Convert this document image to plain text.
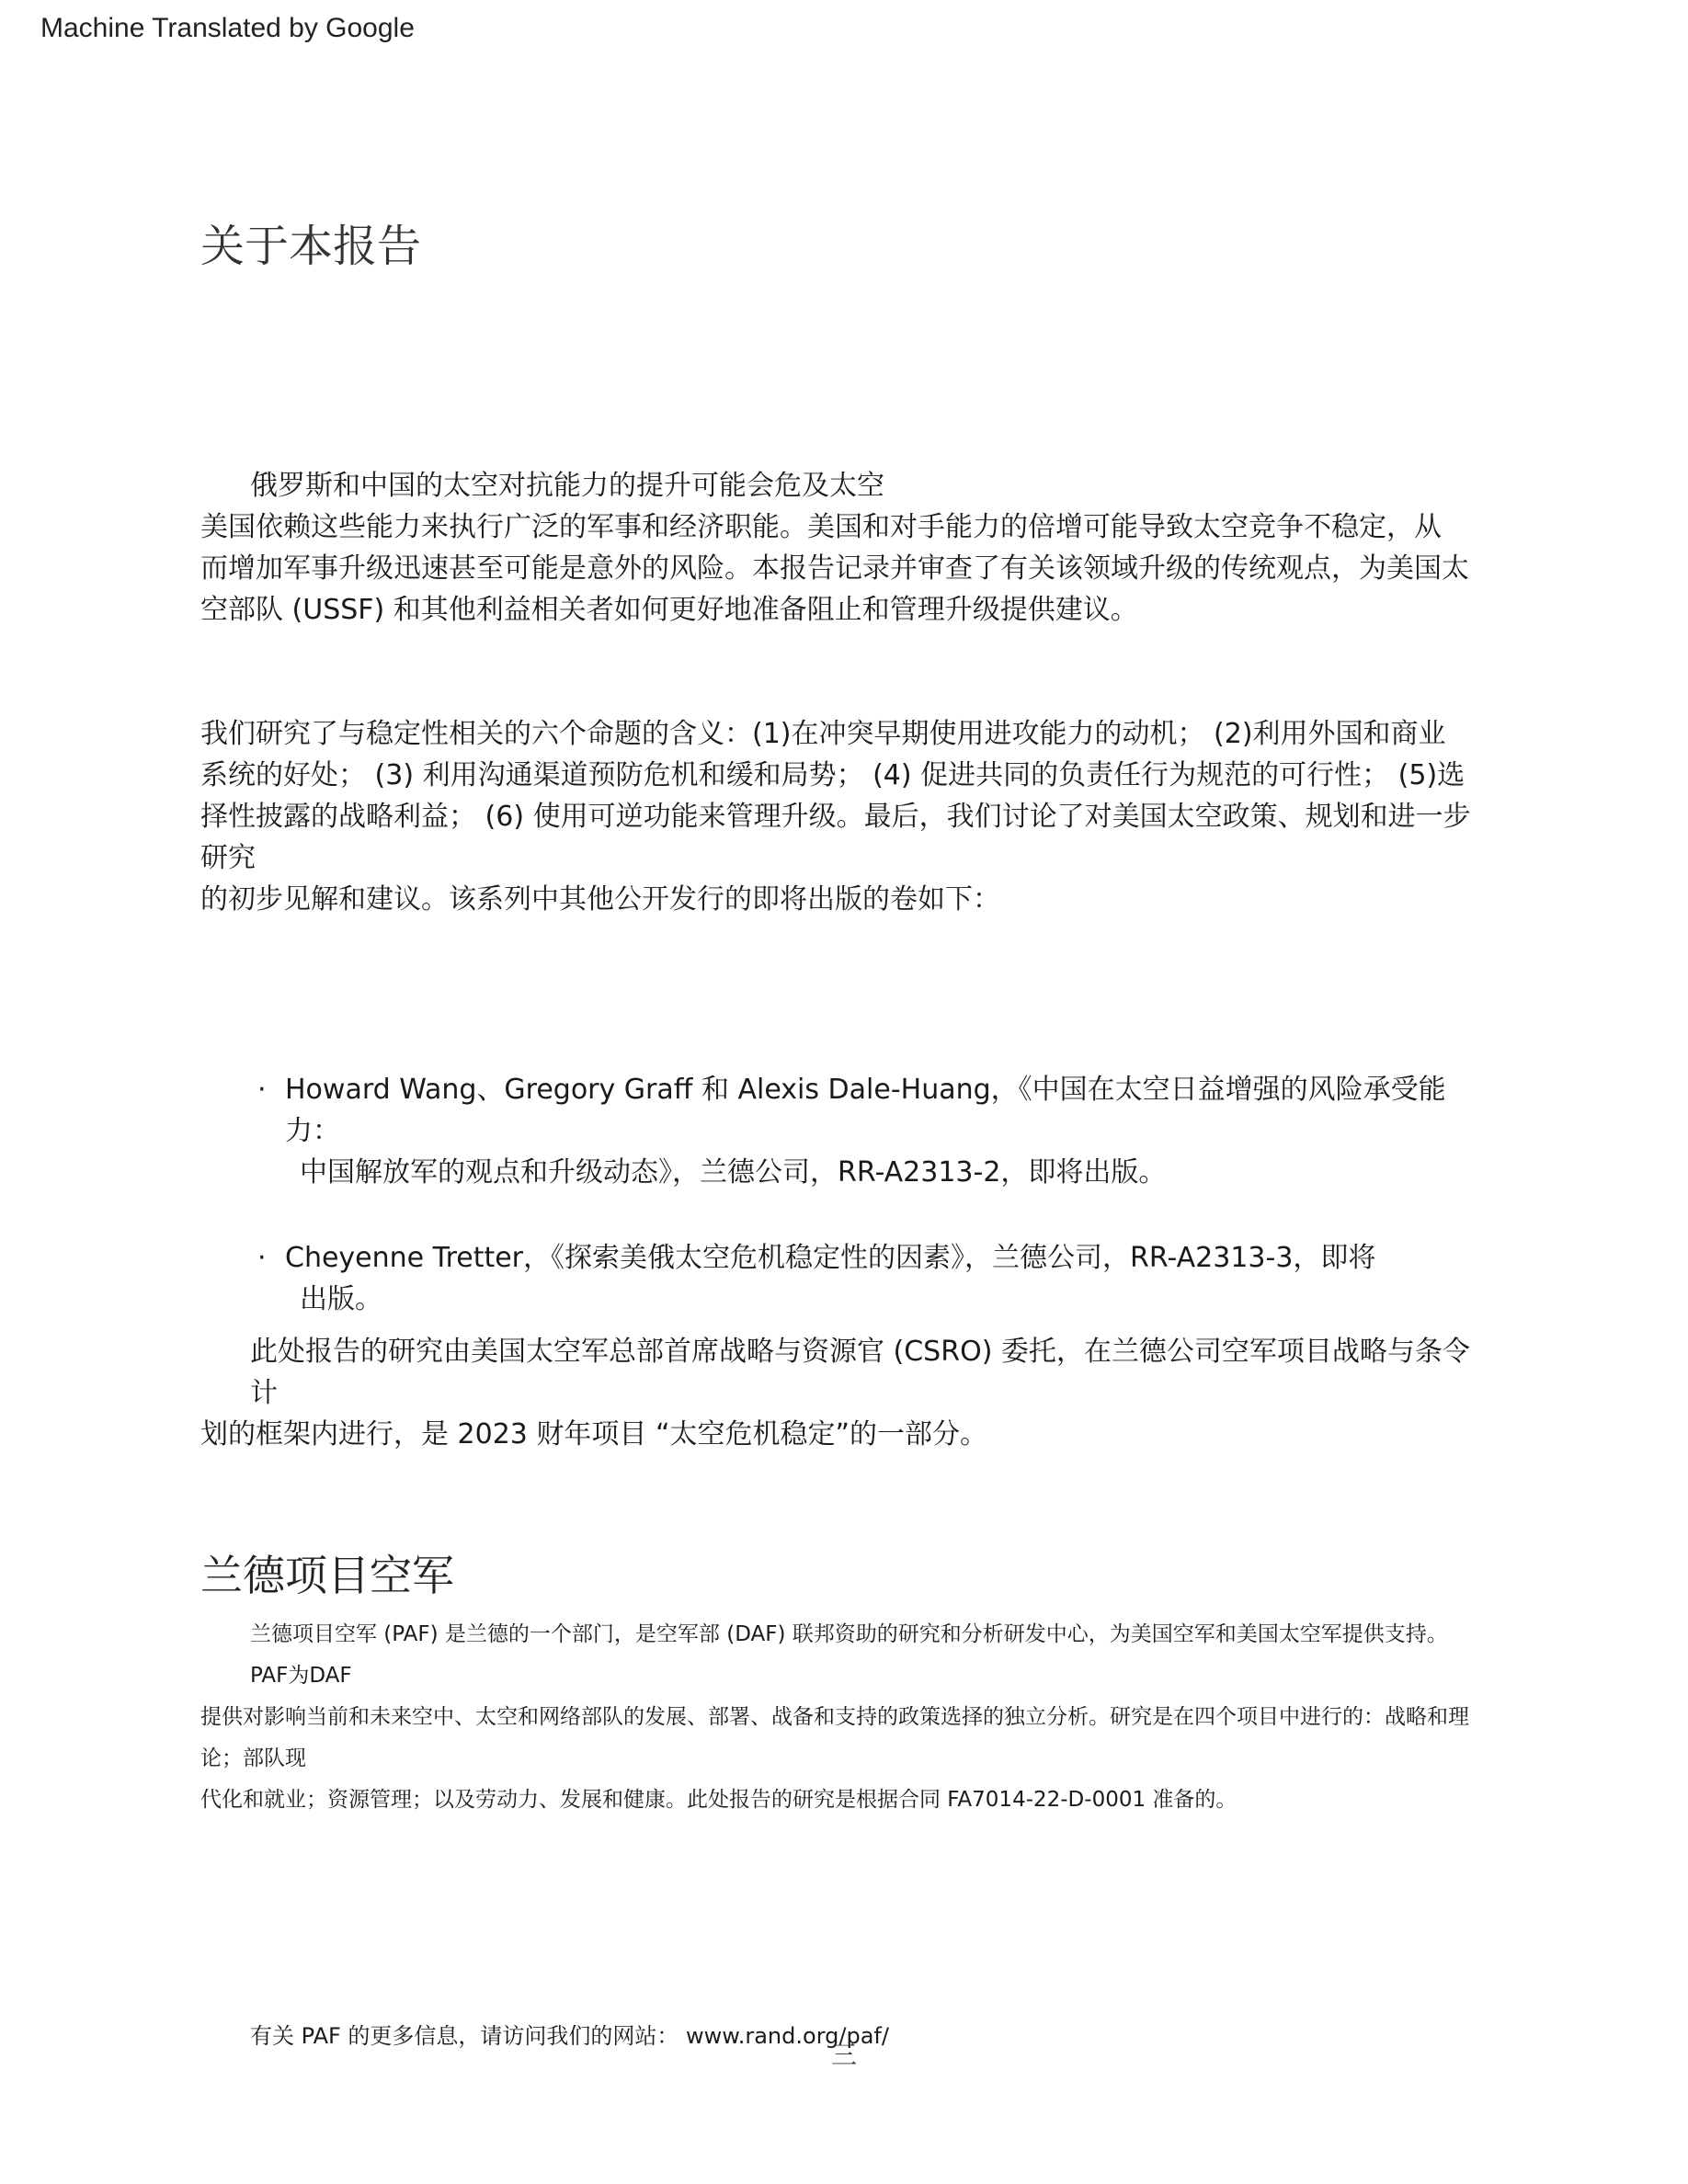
Machine Translated by Google
关于本报告

俄罗斯和中国的太空对抗能力的提升可能会危及太空

美国依赖这些能力来执行广泛的军事和经济职能。美国和对手能力的倍增可能导致太空竞争不稳定，从

而增加军事升级迅速甚至可能是意外的风险。本报告记录并审查了有关该领域升级的传统观点，为美国太

空部队 (USSF) 和其他利益相关者如何更好地准备阻止和管理升级提供建议。

我们研究了与稳定性相关的六个命题的含义：(1)在冲突早期使用进攻能力的动机； (2)利用外国和商业

系统的好处； (3) 利用沟通渠道预防危机和缓和局势； (4) 促进共同的负责任行为规范的可行性； (5)选

择性披露的战略利益； (6) 使用可逆功能来管理升级。最后，我们讨论了对美国太空政策、规划和进一步研究

的初步见解和建议。该系列中其他公开发行的即将出版的卷如下：

· Howard Wang、Gregory Graff 和 Alexis Dale-Huang，《中国在太空日益增强的风险承受能力：
中国解放军的观点和升级动态》，兰德公司，RR-A2313-2，即将出版。
· Cheyenne Tretter，《探索美俄太空危机稳定性的因素》，兰德公司，RR-A2313-3，即将
出版。

此处报告的研究由美国太空军总部首席战略与资源官 (CSRO) 委托，在兰德公司空军项目战略与条令计

划的框架内进行，是 2023 财年项目 “太空危机稳定”的一部分。

兰德项目空军

兰德项目空军 (PAF) 是兰德的一个部门，是空军部 (DAF) 联邦资助的研究和分析研发中心，为美国空军和美国太空军提供支持。 PAF为DAF

提供对影响当前和未来空中、太空和网络部队的发展、部署、战备和支持的政策选择的独立分析。研究是在四个项目中进行的：战略和理论；部队现

代化和就业；资源管理；以及劳动力、发展和健康。此处报告的研究是根据合同 FA7014-22-D-0001 准备的。

有关 PAF 的更多信息，请访问我们的网站： www.rand.org/paf/

三
